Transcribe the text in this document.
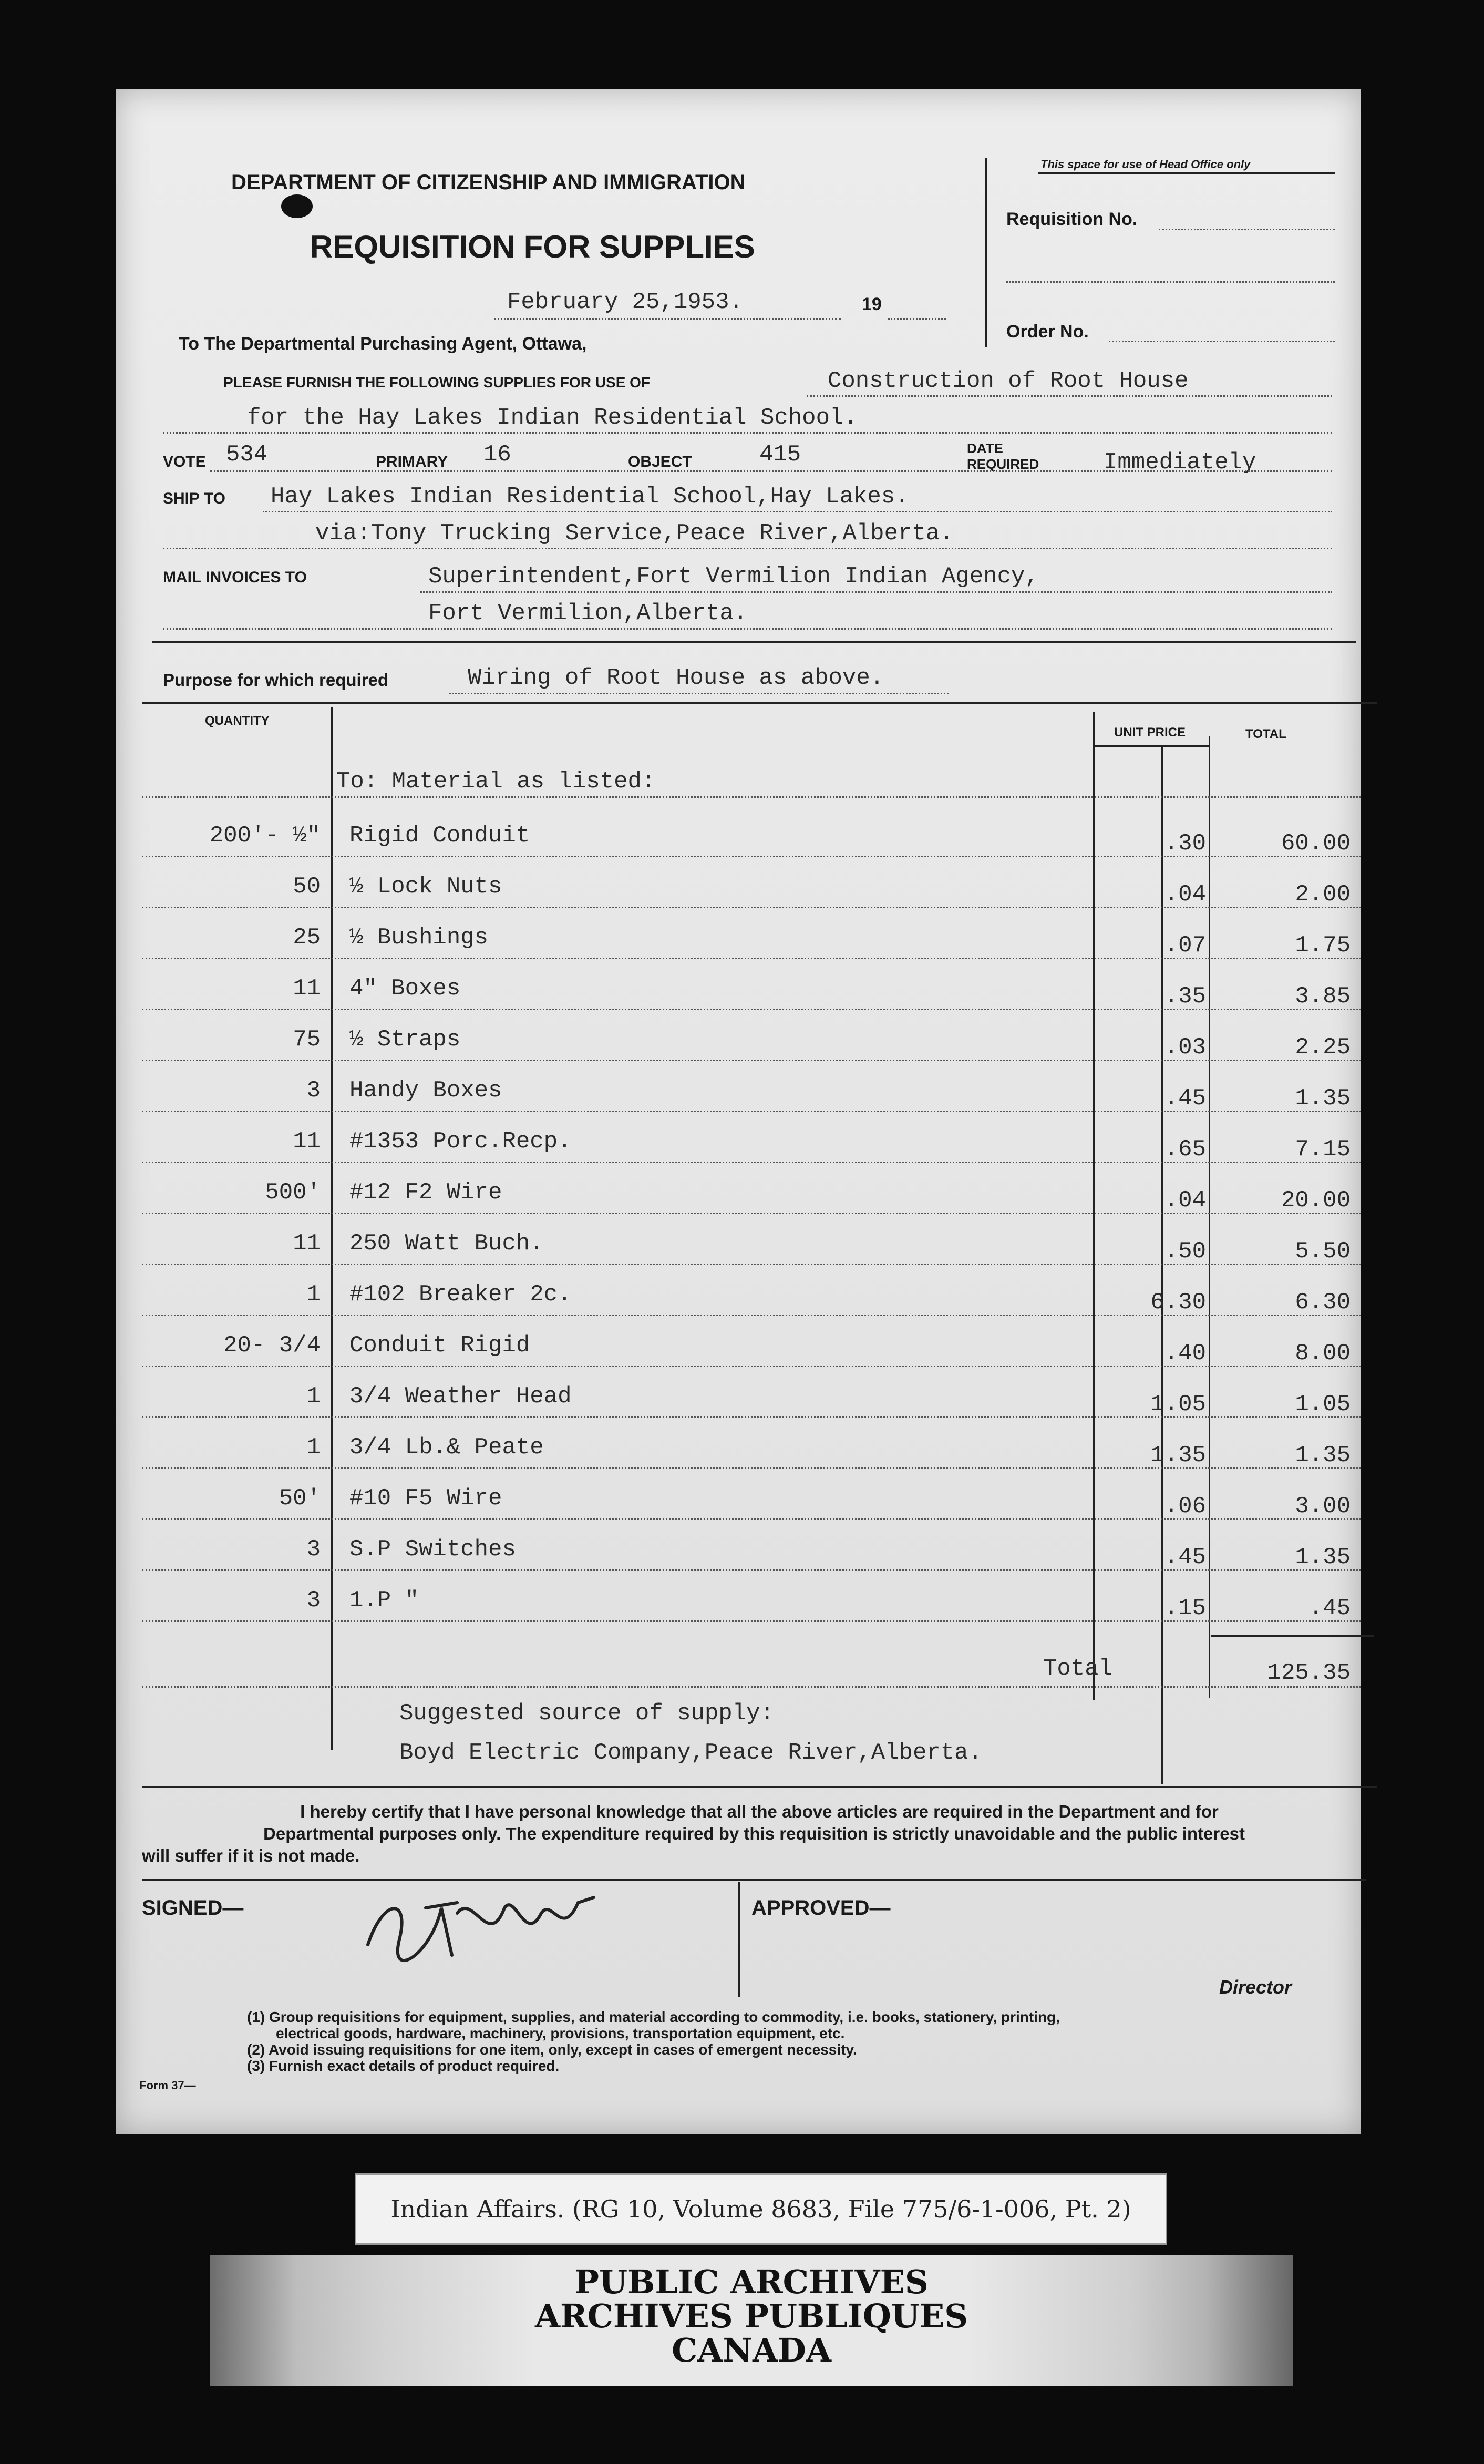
DEPARTMENT OF CITIZENSHIP AND IMMIGRATION
REQUISITION FOR SUPPLIES
February 25,1953.	19
To The Departmental Purchasing Agent, Ottawa,
This space for use of Head Office only
Requisition No.
Order No.
PLEASE FURNISH THE FOLLOWING SUPPLIES FOR USE OF	Construction of Root House
for the Hay Lakes Indian Residential School.
VOTE 534	PRIMARY 16	OBJECT	415	DATE
REQUIRED	Immediately
SHIP TO Hay Lakes Indian Residential School,Hay Lakes.
via:Tony Trucking Service,Peace River,Alberta.
MAIL INVOICES TO	Superintendent,Fort Vermilion Indian Agency,
Fort Vermilion,Alberta.
Purpose for which required	Wiring of Root House as above.
QUANTITY
UNIT PRICE	TOTAL
To: Material as listed:
200'- ½" Rigid Conduit	.30	60.00
50 ½ Lock Nuts	.04	2.00
25 ½ Bushings	.07	1.75
11 4" Boxes	.35	3.85
75 ½ Straps	.03	2.25
3 Handy Boxes	.45	1.35
11 #1353 Porc.Recp.	.65	7.15
500' #12 F2 Wire	.04	20.00
11 250 Watt Buch.	.50	5.50
1 #102 Breaker 2c.	6.30	6.30
20- 3/4 Conduit Rigid	.40	8.00
1 3/4 Weather Head	1.05	1.05
1 3/4 Lb.& Peate	1.35	1.35
50' #10 F5 Wire	.06	3.00
3 S.P Switches	.45	1.35
3 1.P "	.15	.45
Total	125.35
Suggested source of supply:
Boyd Electric Company,Peace River,Alberta.
I hereby certify that I have personal knowledge that all the above articles are required in the Department and for
Departmental purposes only. The expenditure required by this requisition is strictly unavoidable and the public interest
will suffer if it is not made.
SIGNED—	APPROVED—
Director
(1) Group requisitions for equipment, supplies, and material according to commodity, i.e. books, stationery, printing,
electrical goods, hardware, machinery, provisions, transportation equipment, etc.
(2) Avoid issuing requisitions for one item, only, except in cases of emergent necessity.
(3) Furnish exact details of product required.
Form 37—
Indian Affairs. (RG 10, Volume 8683, File 775/6-1-006, Pt. 2)
PUBLIC ARCHIVES
ARCHIVES PUBLIQUES
CANADA
